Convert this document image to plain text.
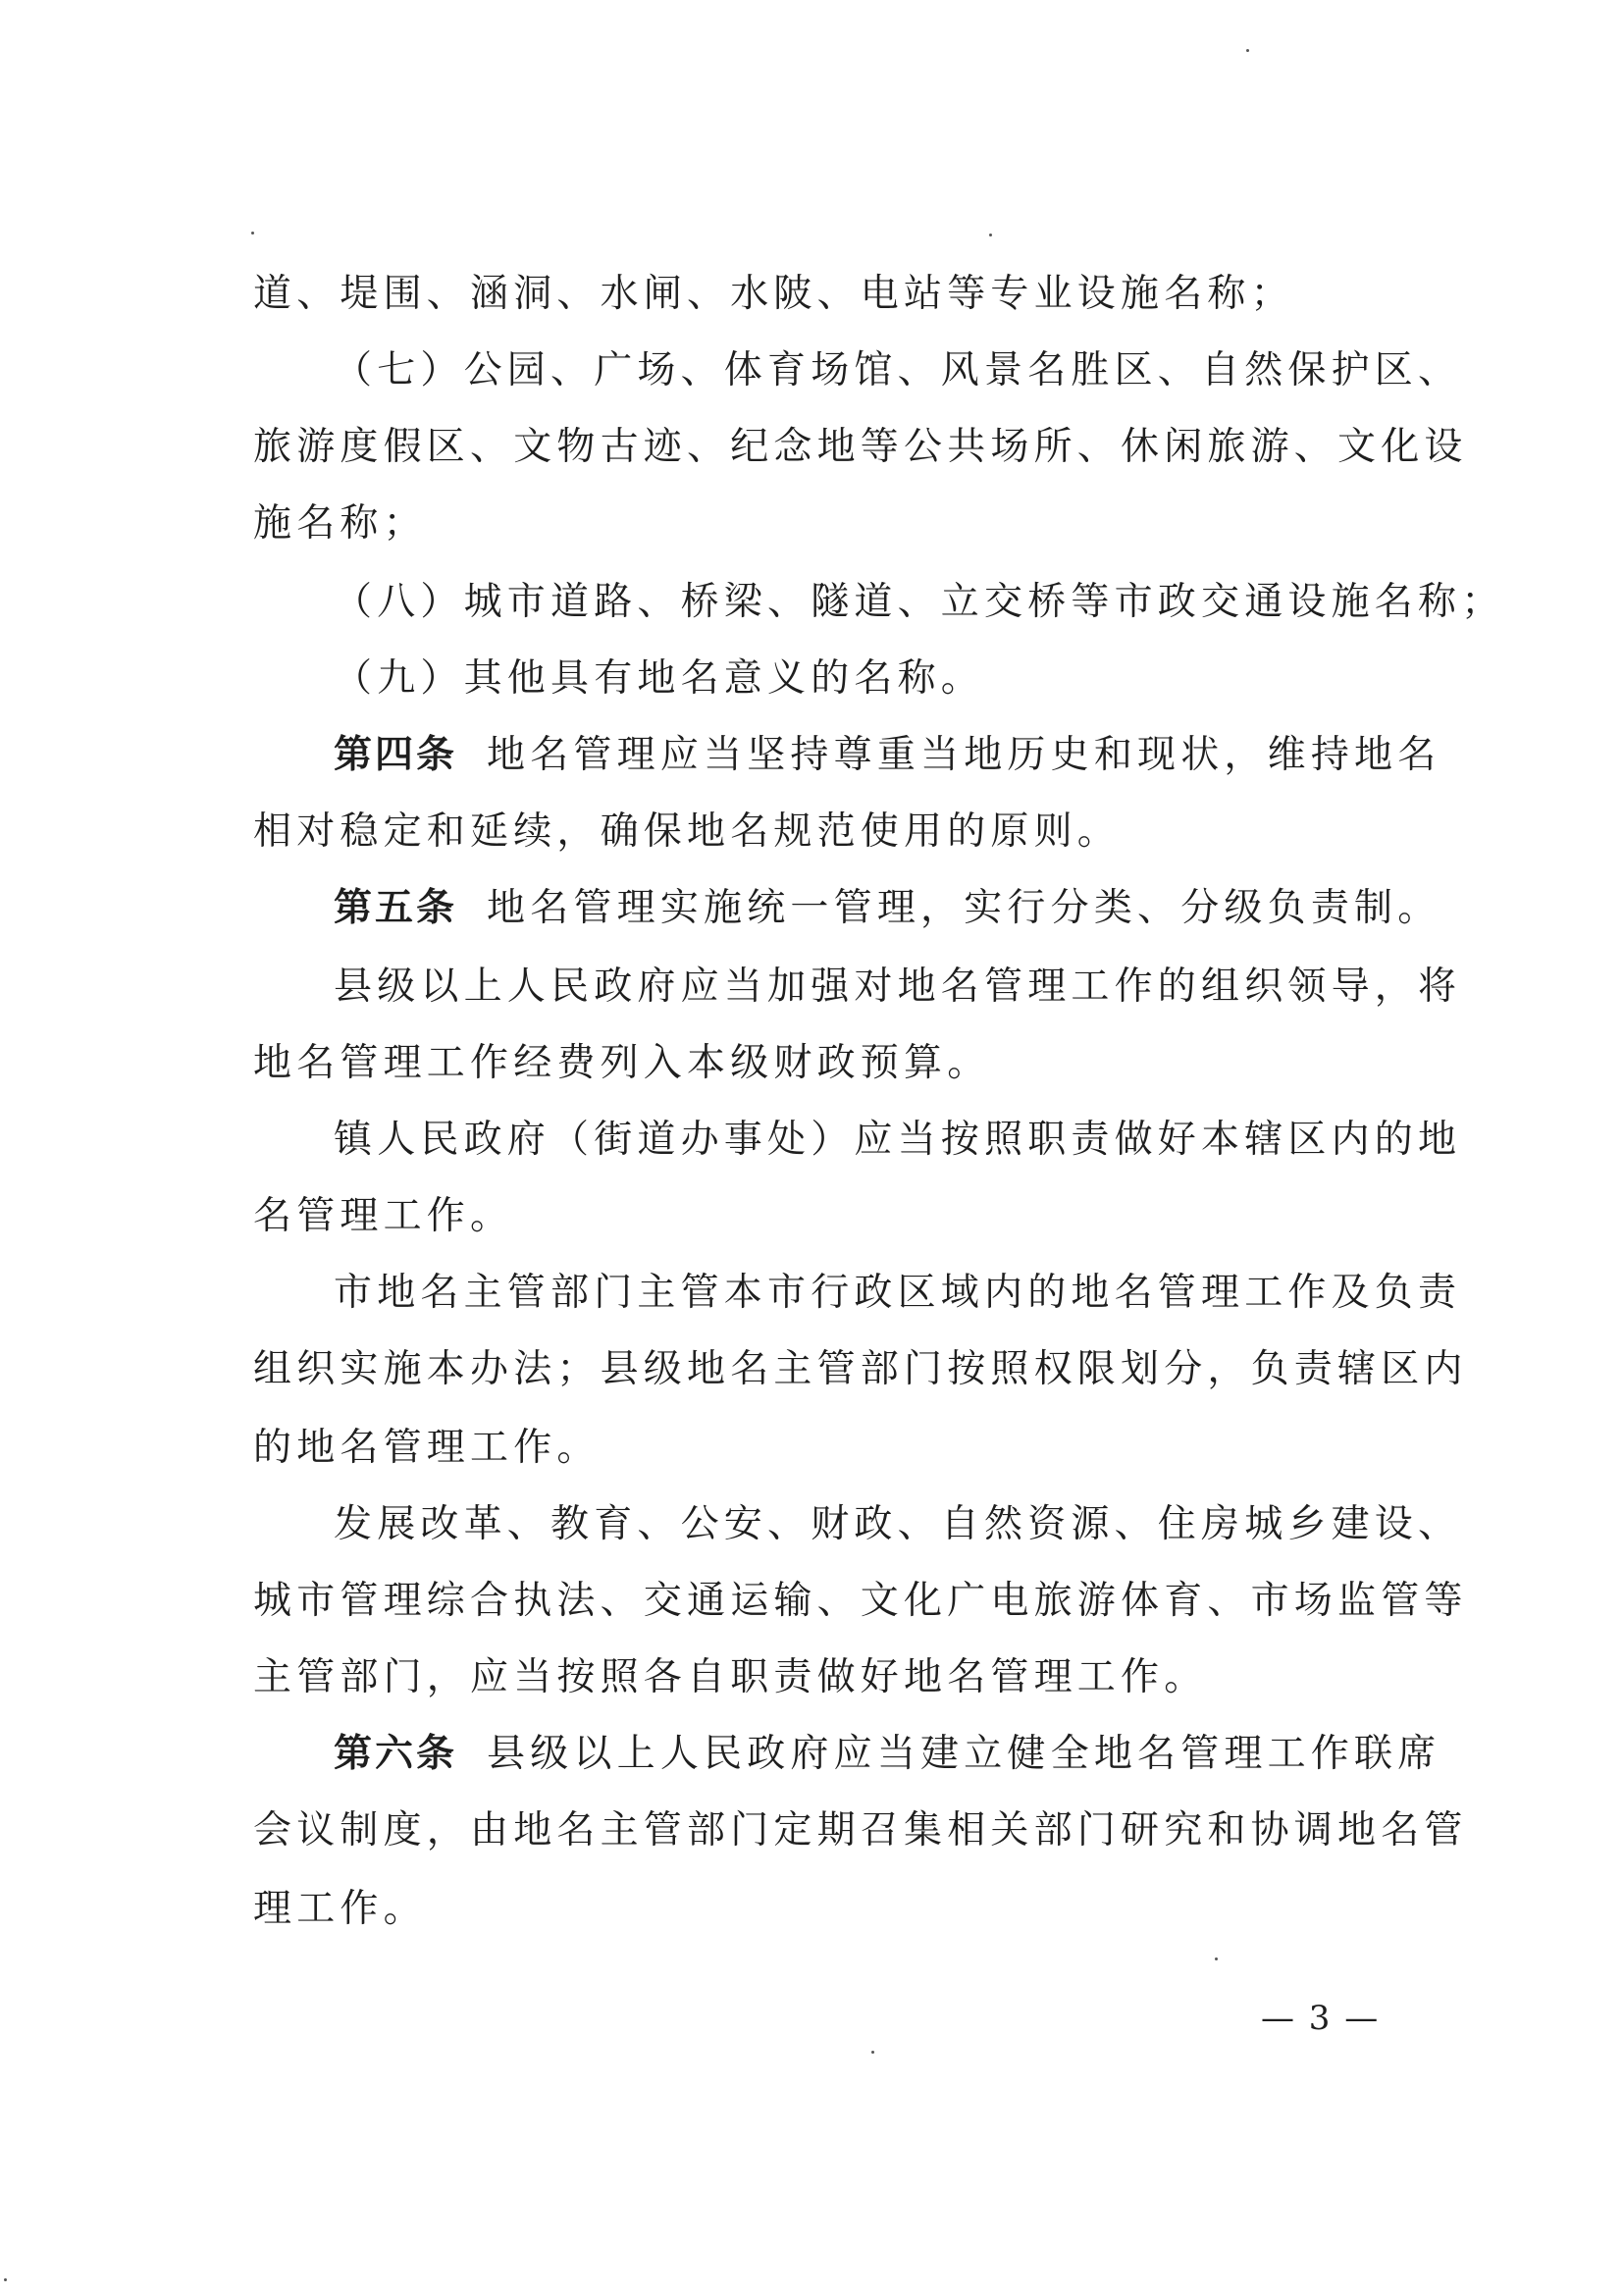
道、堤围、涵洞、水闸、水陂、电站等专业设施名称；
（七）公园、广场、体育场馆、风景名胜区、自然保护区、
旅游度假区、文物古迹、纪念地等公共场所、休闲旅游、文化设
施名称；
（八）城市道路、桥梁、隧道、立交桥等市政交通设施名称；
（九）其他具有地名意义的名称。
第四条 地名管理应当坚持尊重当地历史和现状，维持地名
相对稳定和延续，确保地名规范使用的原则。
第五条 地名管理实施统一管理，实行分类、分级负责制。
县级以上人民政府应当加强对地名管理工作的组织领导，将
地名管理工作经费列入本级财政预算。
镇人民政府（街道办事处）应当按照职责做好本辖区内的地
名管理工作。
市地名主管部门主管本市行政区域内的地名管理工作及负责
组织实施本办法；县级地名主管部门按照权限划分，负责辖区内
的地名管理工作。
发展改革、教育、公安、财政、自然资源、住房城乡建设、
城市管理综合执法、交通运输、文化广电旅游体育、市场监管等
主管部门，应当按照各自职责做好地名管理工作。
第六条 县级以上人民政府应当建立健全地名管理工作联席
会议制度，由地名主管部门定期召集相关部门研究和协调地名管
理工作。
— 3 —
